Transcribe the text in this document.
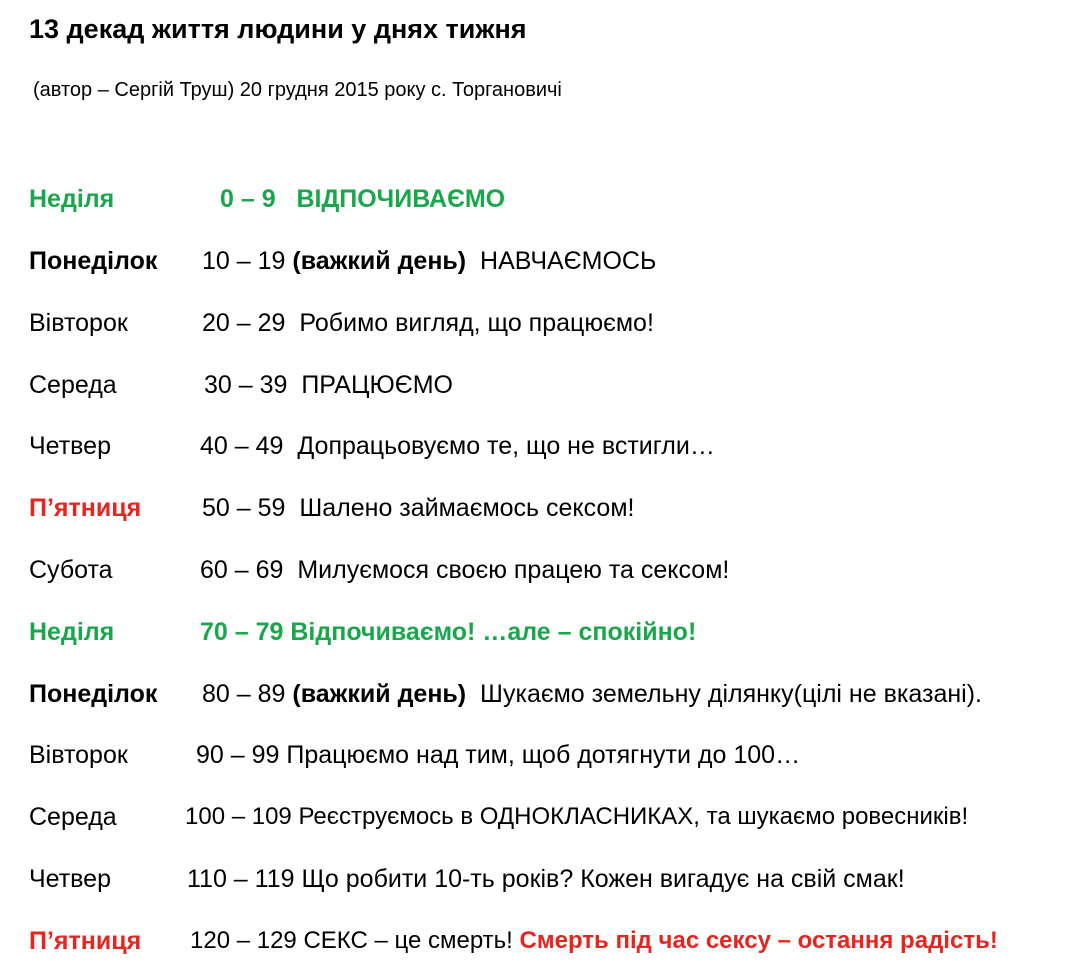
13 декад життя людини у днях тижня
(автор – Сергій Труш) 20 грудня 2015 року с. Торгановичі
Неділя	0 – 9 ВІДПОЧИВАЄМО
Понеділок 10 – 19 (важкий день) НАВЧАЄМОСЬ
Вівторок	20 – 29 Робимо вигляд, що працюємо!
Середа	30 – 39 ПРАЦЮЄМО
Четвер	40 – 49 Допрацьовуємо те, що не встигли…
П’ятниця 50 – 59 Шалено займаємось сексом!
Субота	60 – 69 Милуємося своєю працею та сексом!
Неділя	70 – 79 Відпочиваємо! …але – спокійно!
Понеділок 80 – 89 (важкий день) Шукаємо земельну ділянку(цілі не вказані).
Вівторок	90 – 99 Працюємо над тим, щоб дотягнути до 100…
Середа	100 – 109 Реєструємось в ОДНОКЛАСНИКАХ, та шукаємо ровесників!
Четвер	110 – 119 Що робити 10-ть років? Кожен вигадує на свій смак!
П’ятниця 120 – 129 СЕКС – це смерть! Смерть під час сексу – остання радість!
